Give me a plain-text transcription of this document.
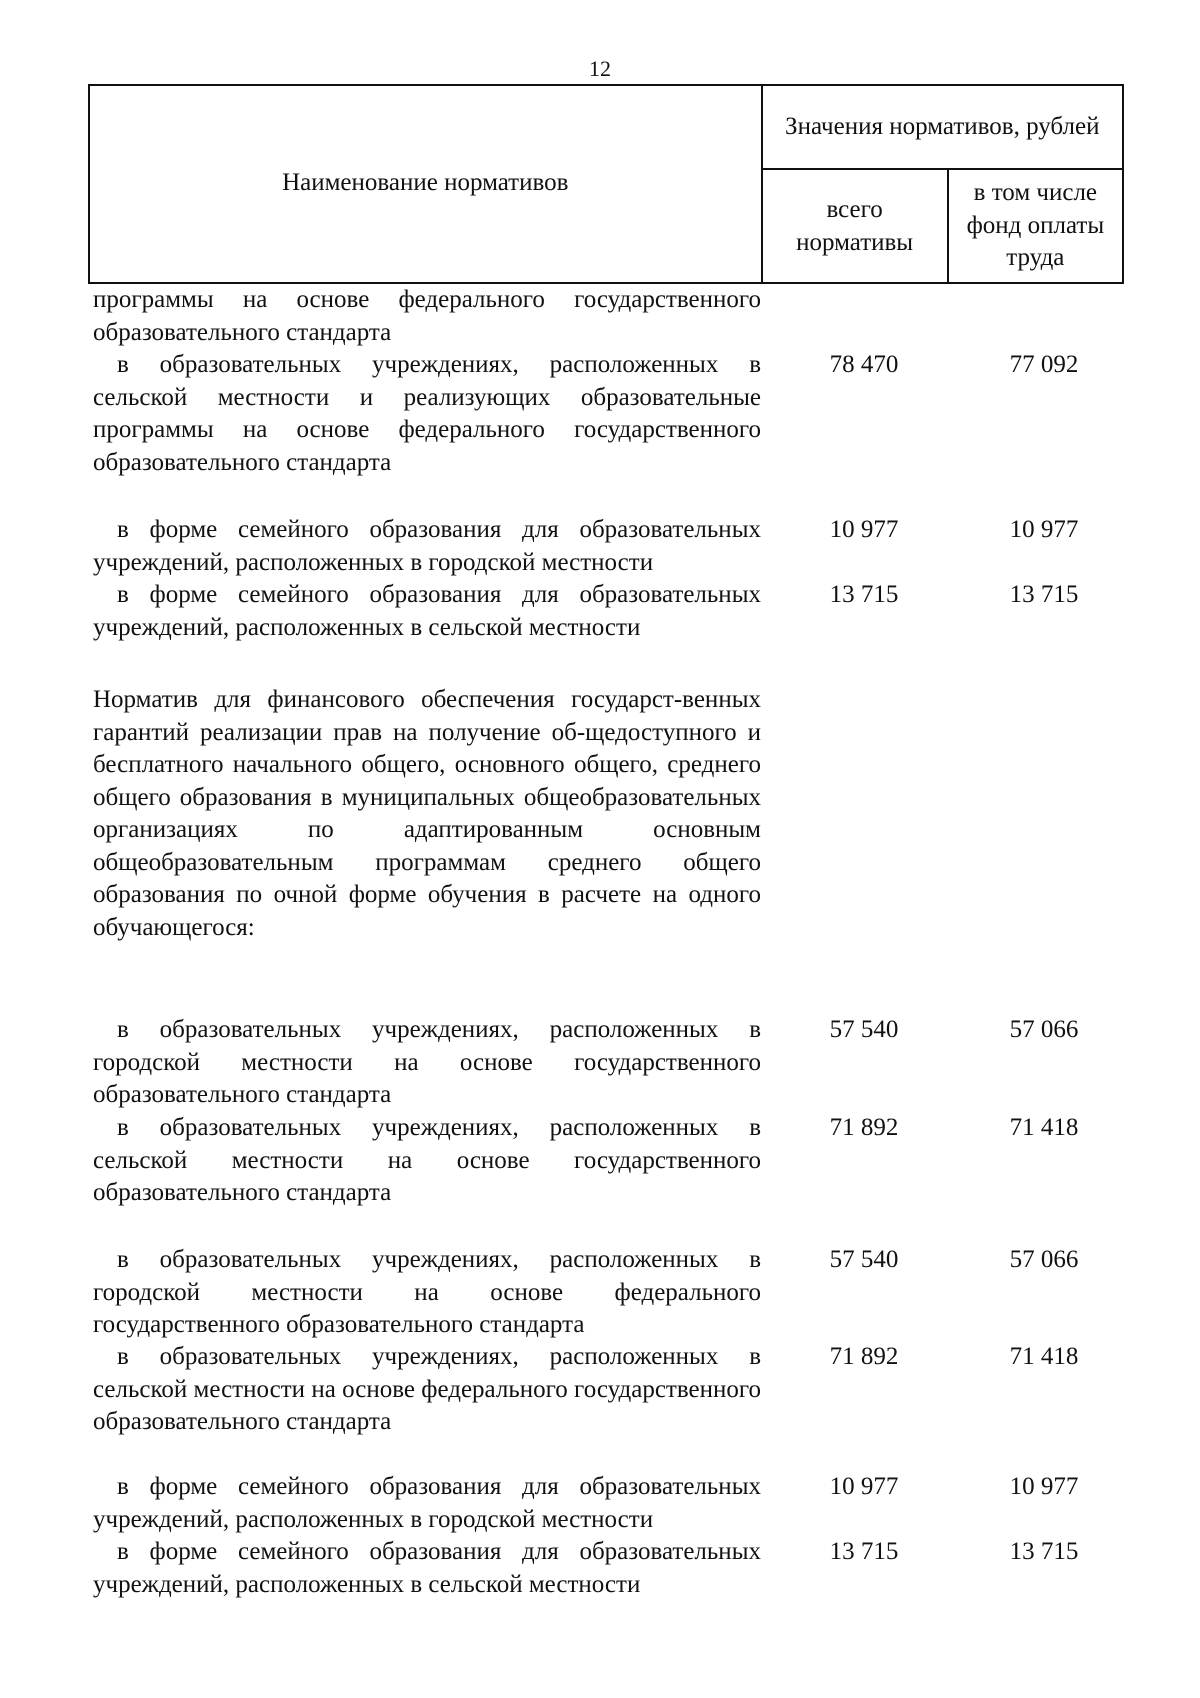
12
Наименование нормативов	Значения нормативов, рублей	
	всего нормативы	в том числе фонд оплаты труда
программы на основе федерального государственного образовательного стандарта
в образовательных учреждениях, расположенных в сельской местности и реализующих образовательные программы на основе федерального государственного образовательного стандарта
78 470	77 092
в форме семейного образования для образовательных учреждений, расположенных в городской местности
10 977	10 977
в форме семейного образования для образовательных учреждений, расположенных в сельской местности
13 715	13 715
Норматив для финансового обеспечения государст-венных гарантий реализации прав на получение об-щедоступного и бесплатного начального общего, основного общего, среднего общего образования в муниципальных общеобразовательных организациях по адаптированным основным общеобразовательным программам среднего общего образования по очной форме обучения в расчете на одного обучающегося:
в образовательных учреждениях, расположенных в городской местности на основе государственного образовательного стандарта
57 540	57 066
в образовательных учреждениях, расположенных в сельской местности на основе государственного образовательного стандарта
71 892	71 418
в образовательных учреждениях, расположенных в городской местности на основе федерального государственного образовательного стандарта
57 540	57 066
в образовательных учреждениях, расположенных в сельской местности на основе федерального государственного образовательного стандарта
71 892	71 418
в форме семейного образования для образовательных учреждений, расположенных в городской местности
10 977	10 977
в форме семейного образования для образовательных учреждений, расположенных в сельской местности
13 715	13 715
